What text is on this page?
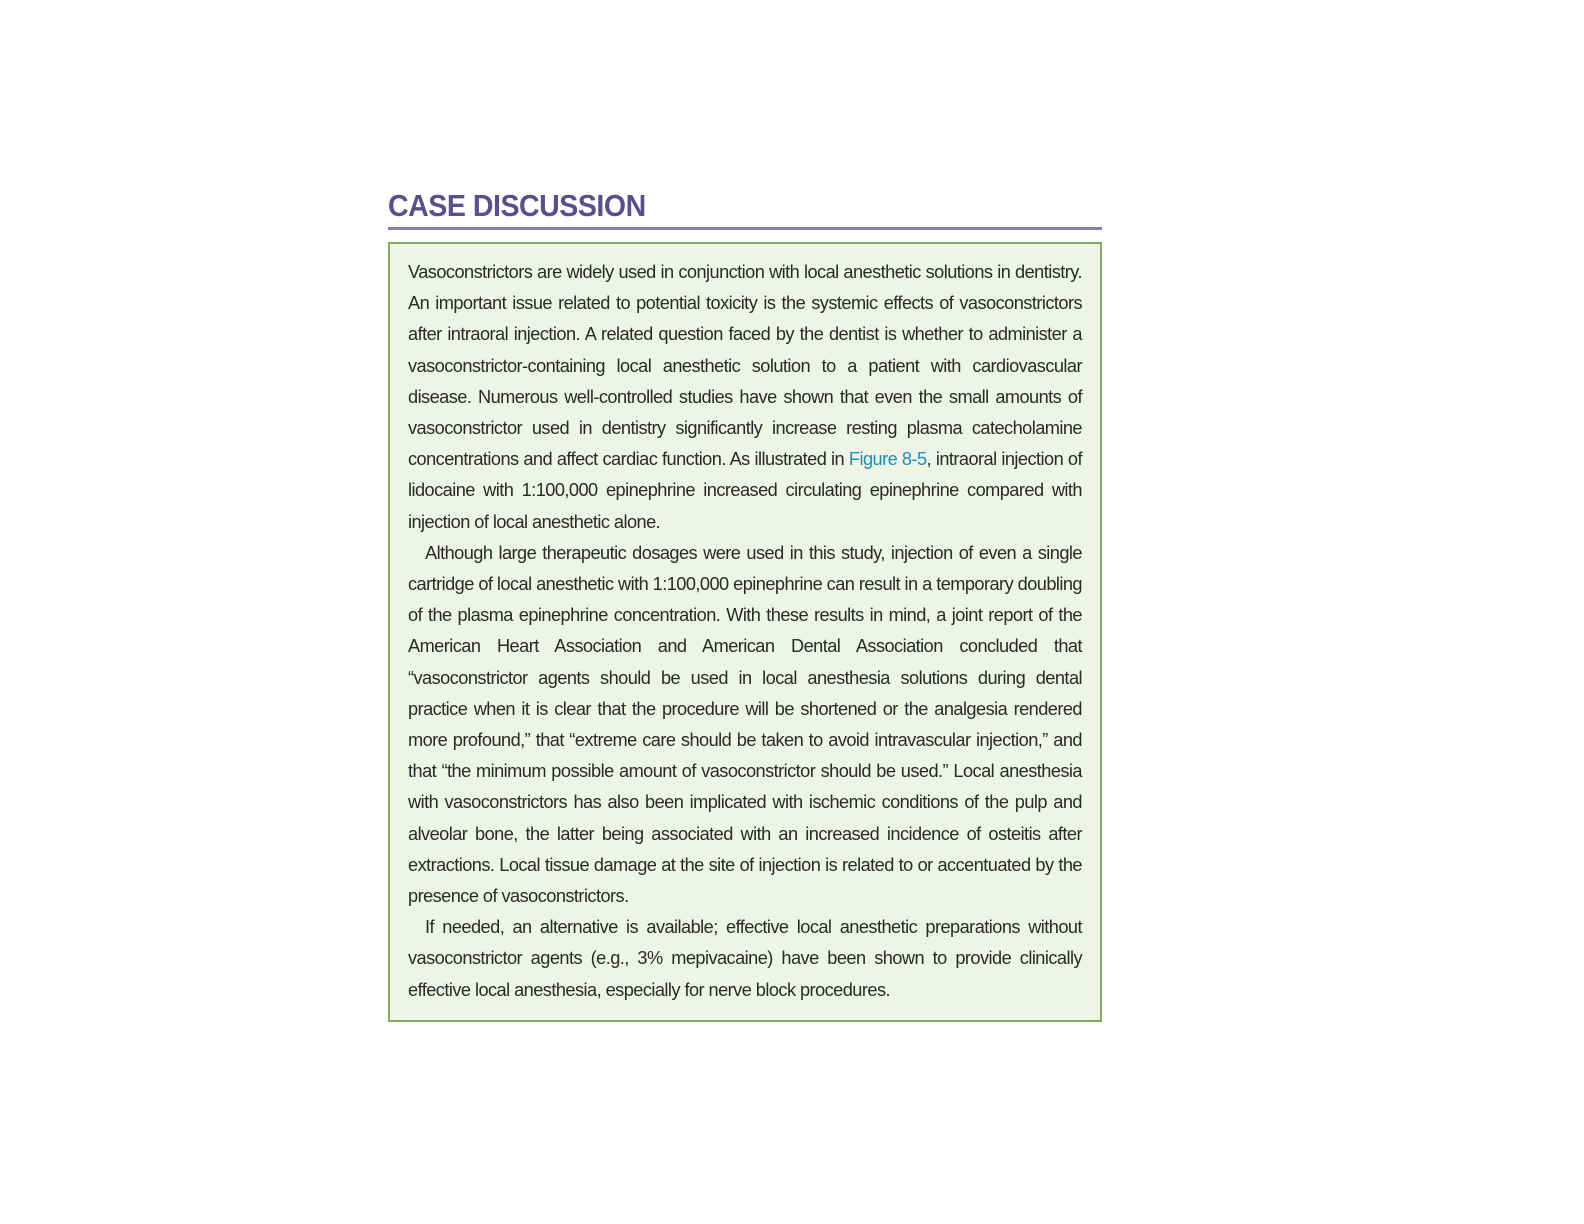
CASE DISCUSSION

Vasoconstrictors are widely used in conjunction with local anesthetic solutions in dentistry. An important issue related to potential toxicity is the systemic effects of vasoconstrictors after intraoral injection. A related question faced by the dentist is whether to administer a vasoconstrictor-containing local anesthetic solution to a patient with cardiovascular disease. Numerous well-controlled studies have shown that even the small amounts of vasoconstrictor used in dentistry significantly increase resting plasma catecholamine concentrations and affect cardiac function. As illustrated in Figure 8-5, intraoral injection of lidocaine with 1:100,000 epinephrine increased circulating epinephrine compared with injection of local anesthetic alone.

Although large therapeutic dosages were used in this study, injection of even a single cartridge of local anesthetic with 1:100,000 epinephrine can result in a temporary doubling of the plasma epinephrine concentration. With these results in mind, a joint report of the American Heart Association and American Dental Association concluded that “vasoconstrictor agents should be used in local anesthesia solutions during dental practice when it is clear that the procedure will be shortened or the analgesia rendered more profound,” that “extreme care should be taken to avoid intravascular injection,” and that “the minimum possible amount of vasoconstrictor should be used.” Local anesthesia with vasoconstrictors has also been implicated with ischemic conditions of the pulp and alveolar bone, the latter being associated with an increased incidence of osteitis after extractions. Local tissue damage at the site of injection is related to or accentuated by the presence of vasoconstrictors.

If needed, an alternative is available; effective local anesthetic preparations without vasoconstrictor agents (e.g., 3% mepivacaine) have been shown to provide clinically effective local anesthesia, especially for nerve block procedures.
